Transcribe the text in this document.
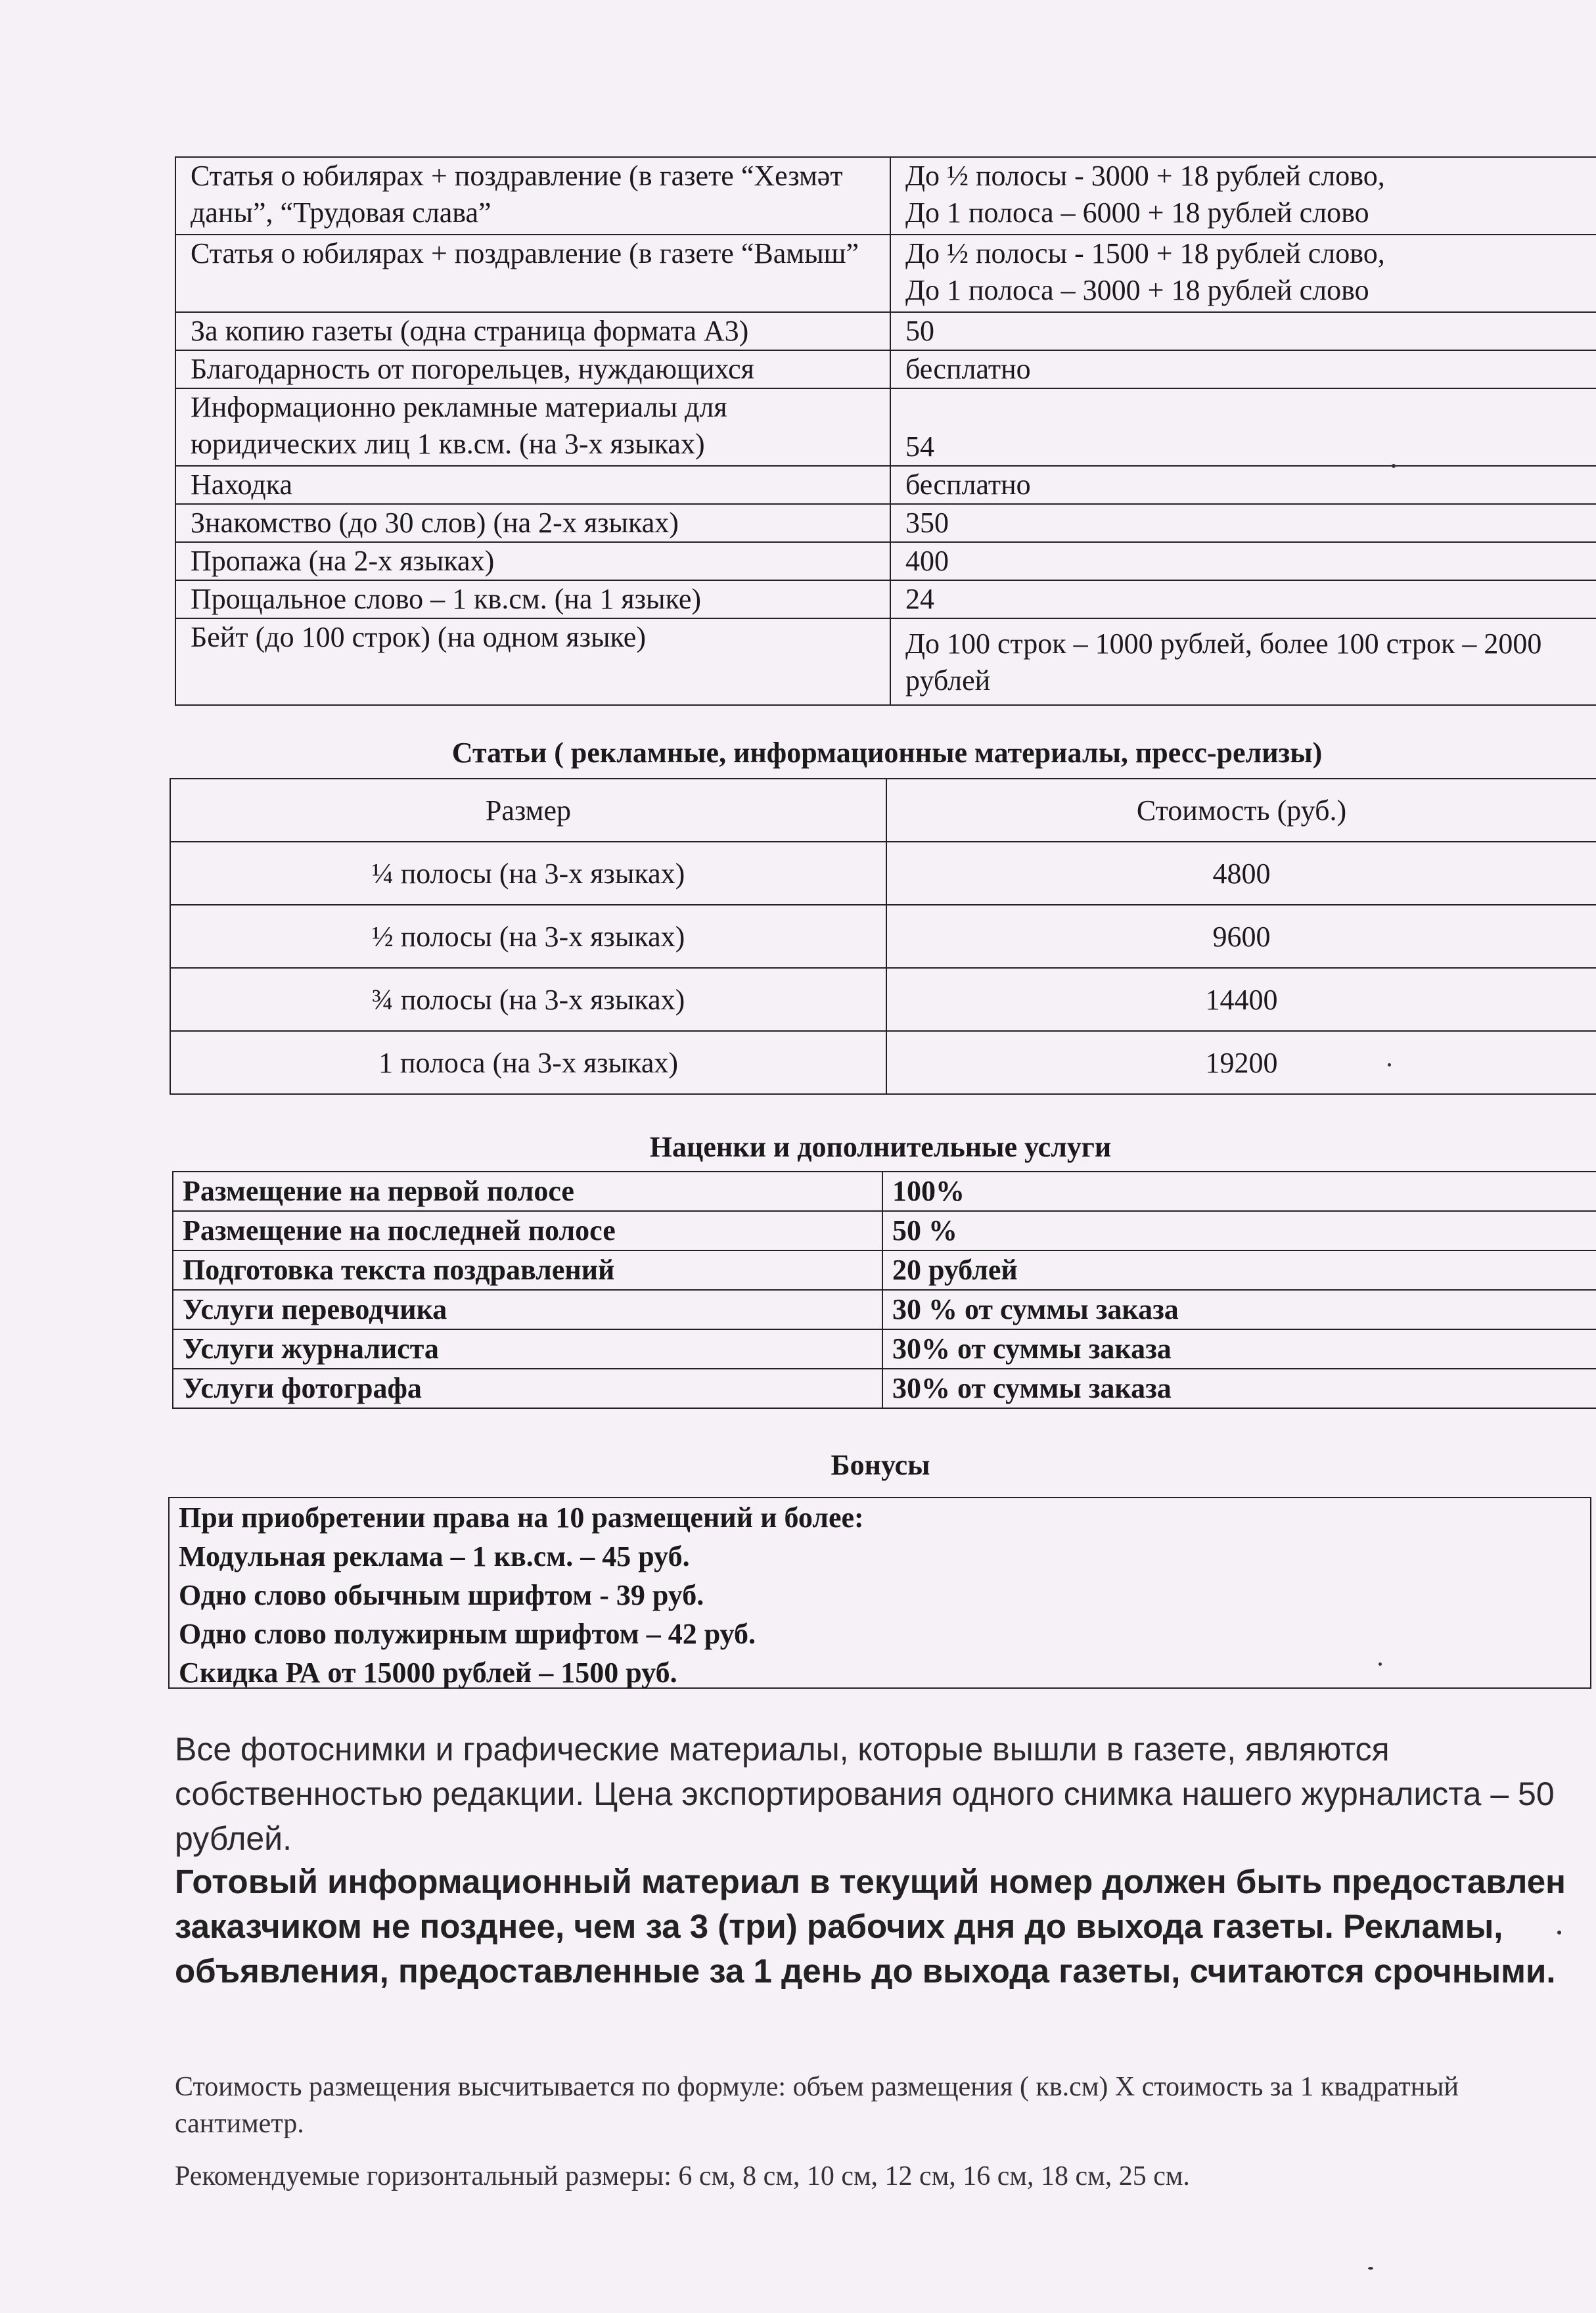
Статья о юбилярах + поздравление (в газете “Хезмәт даны”, “Трудовая слава”	До ½ полосы - 3000 + 18 рублей слово,
До 1 полоса – 6000 + 18 рублей слово

Статья о юбилярах + поздравление (в газете “Вамыш”	До ½ полосы - 1500 + 18 рублей слово,
До 1 полоса – 3000 + 18 рублей слово

За копию газеты (одна страница формата А3)	50
Благодарность от погорельцев, нуждающихся	бесплатно
Информационно рекламные материалы для юридических лиц 1 кв.см. (на 3-х языках)	54
Находка	бесплатно
Знакомство (до 30 слов) (на 2-х языках)	350
Пропажа (на 2-х языках)	400
Прощальное слово – 1 кв.см. (на 1 языке)	24
Бейт (до 100 строк) (на одном языке)	До 100 строк – 1000 рублей, более 100 строк – 2000 рублей
Статьи ( рекламные, информационные материалы, пресс-релизы)
Размер	Стоимость (руб.)
¼ полосы (на 3-х языках)	4800
½ полосы (на 3-х языках)	9600
¾ полосы (на 3-х языках)	14400
1 полоса (на 3-х языках)	19200
Наценки и дополнительные услуги
Размещение на первой полосе	100%
Размещение на последней полосе	50 %
Подготовка текста поздравлений	20 рублей
Услуги переводчика	30 % от суммы заказа
Услуги журналиста	30% от суммы заказа
Услуги фотографа	30% от суммы заказа
Бонусы
При приобретении права на 10 размещений и более:
Модульная реклама – 1 кв.см. – 45 руб.
Одно слово обычным шрифтом - 39 руб.
Одно слово полужирным шрифтом – 42 руб.
Скидка РА от 15000 рублей – 1500 руб.
Все фотоснимки и графические материалы, которые вышли в газете, являются собственностью редакции. Цена экспортирования одного снимка нашего журналиста – 50 рублей.
Готовый информационный материал в текущий номер должен быть предоставлен заказчиком не позднее, чем за 3 (три) рабочих дня до выхода газеты. Рекламы, объявления, предоставленные за 1 день до выхода газеты, считаются срочными.
Стоимость размещения высчитывается по формуле: объем размещения ( кв.см) Х стоимость за 1 квадратный сантиметр.
Рекомендуемые горизонтальный размеры: 6 см, 8 см, 10 см, 12 см, 16 см, 18 см, 25 см.
